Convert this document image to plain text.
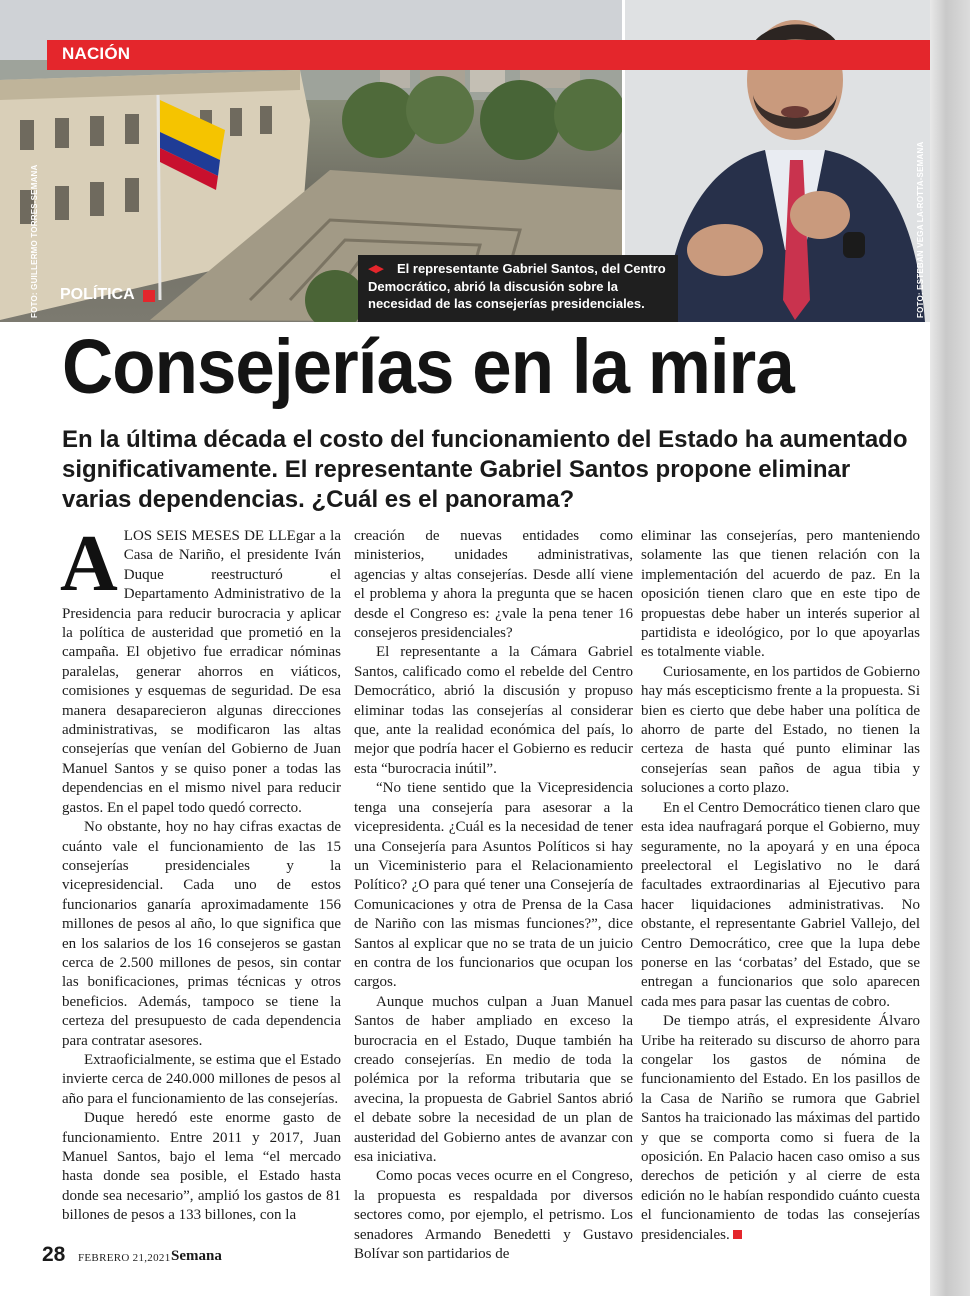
NACIÓN
POLÍTICA
FOTO: GUILLERMO TORRES-SEMANA	FOTO: ESTEBAN VEGA LA-ROTTA-SEMANA
El representante Gabriel Santos, del Centro Democrático, abrió la discusión sobre la necesidad de las consejerías presidenciales.
◀▶
Consejerías en la mira
En la última década el costo del funcionamiento del Estado ha aumentado significativamente. El representante Gabriel Santos propone eliminar varias dependencias. ¿Cuál es el panorama?

ALOS SEIS MESES DE LLEgar a la Casa de Nariño, el presidente Iván Duque reestructuró el Departamento Administrativo de la Presidencia para reducir burocracia y aplicar la política de austeridad que prometió en la campaña. El objetivo fue erradicar nóminas paralelas, generar ahorros en viáticos, comisiones y esquemas de seguridad. De esa manera desaparecieron algunas direcciones administrativas, se modificaron las altas consejerías que venían del Gobierno de Juan Manuel Santos y se quiso poner a todas las dependencias en el mismo nivel para reducir gastos. En el papel todo quedó correcto.

No obstante, hoy no hay cifras exactas de cuánto vale el funcionamiento de las 15 consejerías presidenciales y la vicepresidencial. Cada uno de estos funcionarios ganaría aproximadamente 156 millones de pesos al año, lo que significa que en los salarios de los 16 consejeros se gastan cerca de 2.500 millones de pesos, sin contar las bonificaciones, primas técnicas y otros beneficios. Además, tampoco se tiene la certeza del presupuesto de cada dependencia para contratar asesores.

Extraoficialmente, se estima que el Estado invierte cerca de 240.000 millones de pesos al año para el funcionamiento de las consejerías.

Duque heredó este enorme gasto de funcionamiento. Entre 2011 y 2017, Juan Manuel Santos, bajo el lema “el mercado hasta donde sea posible, el Estado hasta donde sea necesario”, amplió los gastos de 81 billones de pesos a 133 billones, con la

creación de nuevas entidades como ministerios, unidades administrativas, agencias y altas consejerías. Desde allí viene el problema y ahora la pregunta que se hacen desde el Congreso es: ¿vale la pena tener 16 consejeros presidenciales?

El representante a la Cámara Gabriel Santos, calificado como el rebelde del Centro Democrático, abrió la discusión y propuso eliminar todas las consejerías al considerar que, ante la realidad económica del país, lo mejor que podría hacer el Gobierno es reducir esta “burocracia inútil”.

“No tiene sentido que la Vicepresidencia tenga una consejería para asesorar a la vicepresidenta. ¿Cuál es la necesidad de tener una Consejería para Asuntos Políticos si hay un Viceministerio para el Relacionamiento Político? ¿O para qué tener una Consejería de Comunicaciones y otra de Prensa de la Casa de Nariño con las mismas funciones?”, dice Santos al explicar que no se trata de un juicio en contra de los funcionarios que ocupan los cargos.

Aunque muchos culpan a Juan Manuel Santos de haber ampliado en exceso la burocracia en el Estado, Duque también ha creado consejerías. En medio de toda la polémica por la reforma tributaria que se avecina, la propuesta de Gabriel Santos abrió el debate sobre la necesidad de un plan de austeridad del Gobierno antes de avanzar con esa iniciativa.

Como pocas veces ocurre en el Congreso, la propuesta es respaldada por diversos sectores como, por ejemplo, el petrismo. Los senadores Armando Benedetti y Gustavo Bolívar son partidarios de

eliminar las consejerías, pero manteniendo solamente las que tienen relación con la implementación del acuerdo de paz. En la oposición tienen claro que en este tipo de propuestas debe haber un interés superior al partidista e ideológico, por lo que apoyarlas es totalmente viable.

Curiosamente, en los partidos de Gobierno hay más escepticismo frente a la propuesta. Si bien es cierto que debe haber una política de ahorro de parte del Estado, no tienen la certeza de hasta qué punto eliminar las consejerías sean paños de agua tibia y soluciones a corto plazo.

En el Centro Democrático tienen claro que esta idea naufragará porque el Gobierno, muy seguramente, no la apoyará y en una época preelectoral el Legislativo no le dará facultades extraordinarias al Ejecutivo para hacer liquidaciones administrativas. No obstante, el representante Gabriel Vallejo, del Centro Democrático, cree que la lupa debe ponerse en las ‘corbatas’ del Estado, que se entregan a funcionarios que solo aparecen cada mes para pasar las cuentas de cobro.

De tiempo atrás, el expresidente Álvaro Uribe ha reiterado su discurso de ahorro para congelar los gastos de nómina de funcionamiento del Estado. En los pasillos de la Casa de Nariño se rumora que Gabriel Santos ha traicionado las máximas del partido y que se comporta como si fuera de la oposición. En Palacio hacen caso omiso a sus derechos de petición y al cierre de esta edición no le habían respondido cuánto cuesta el funcionamiento de todas las consejerías presidenciales.

28 FEBRERO 21,2021 Semana
